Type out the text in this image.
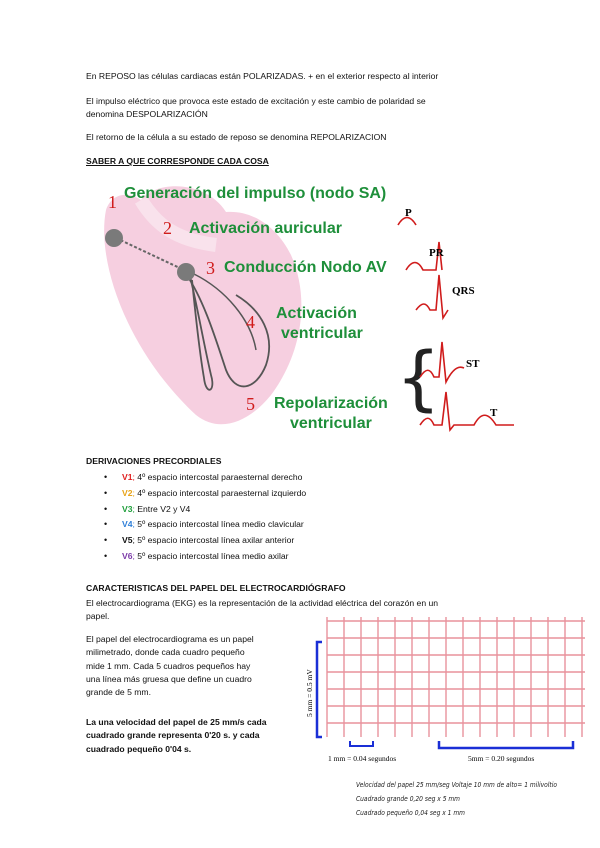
En REPOSO las células cardiacas están POLARIZADAS. + en el exterior respecto al interior

El impulso eléctrico que provoca este estado de excitación y este cambio de polaridad se
denomina DESPOLARIZACIÓN

El retorno de la célula a su estado de reposo se denomina REPOLARIZACION

SABER A QUE CORRESPONDE CADA COSA

1 Generación del impulso (nodo SA)
2 Activación auricular
3 Conducción Nodo AV
4 Activación
ventricular
5 Repolarización
ventricular
P
PR
QRS
{ ST
T

DERIVACIONES PRECORDIALES

• V1; 4º espacio intercostal paraesternal derecho
• V2; 4º espacio intercostal paraesternal izquierdo
• V3; Entre V2 y V4
• V4; 5º espacio intercostal línea medio clavicular
• V5; 5º espacio intercostal línea axilar anterior
• V6; 5º espacio intercostal línea medio axilar

CARACTERISTICAS DEL PAPEL DEL ELECTROCARDIÓGRAFO

El electrocardiograma (EKG) es la representación de la actividad eléctrica del corazón en un
papel.

El papel del electrocardiograma es un papel
milimetrado, donde cada cuadro pequeño
mide 1 mm. Cada 5 cuadros pequeños hay
una línea más gruesa que define un cuadro
grande de 5 mm.

La una velocidad del papel de 25 mm/s cada
cuadrado grande representa 0'20 s. y cada
cuadrado pequeño 0'04 s.

5 mm = 0.5 mV
1 mm = 0.04 segundos	5mm = 0.20 segundos
Velocidad del papel 25 mm/seg Voltaje 10 mm de alto= 1 milivoltio
Cuadrado grande 0,20 seg x 5 mm
Cuadrado pequeño 0,04 seg x 1 mm
